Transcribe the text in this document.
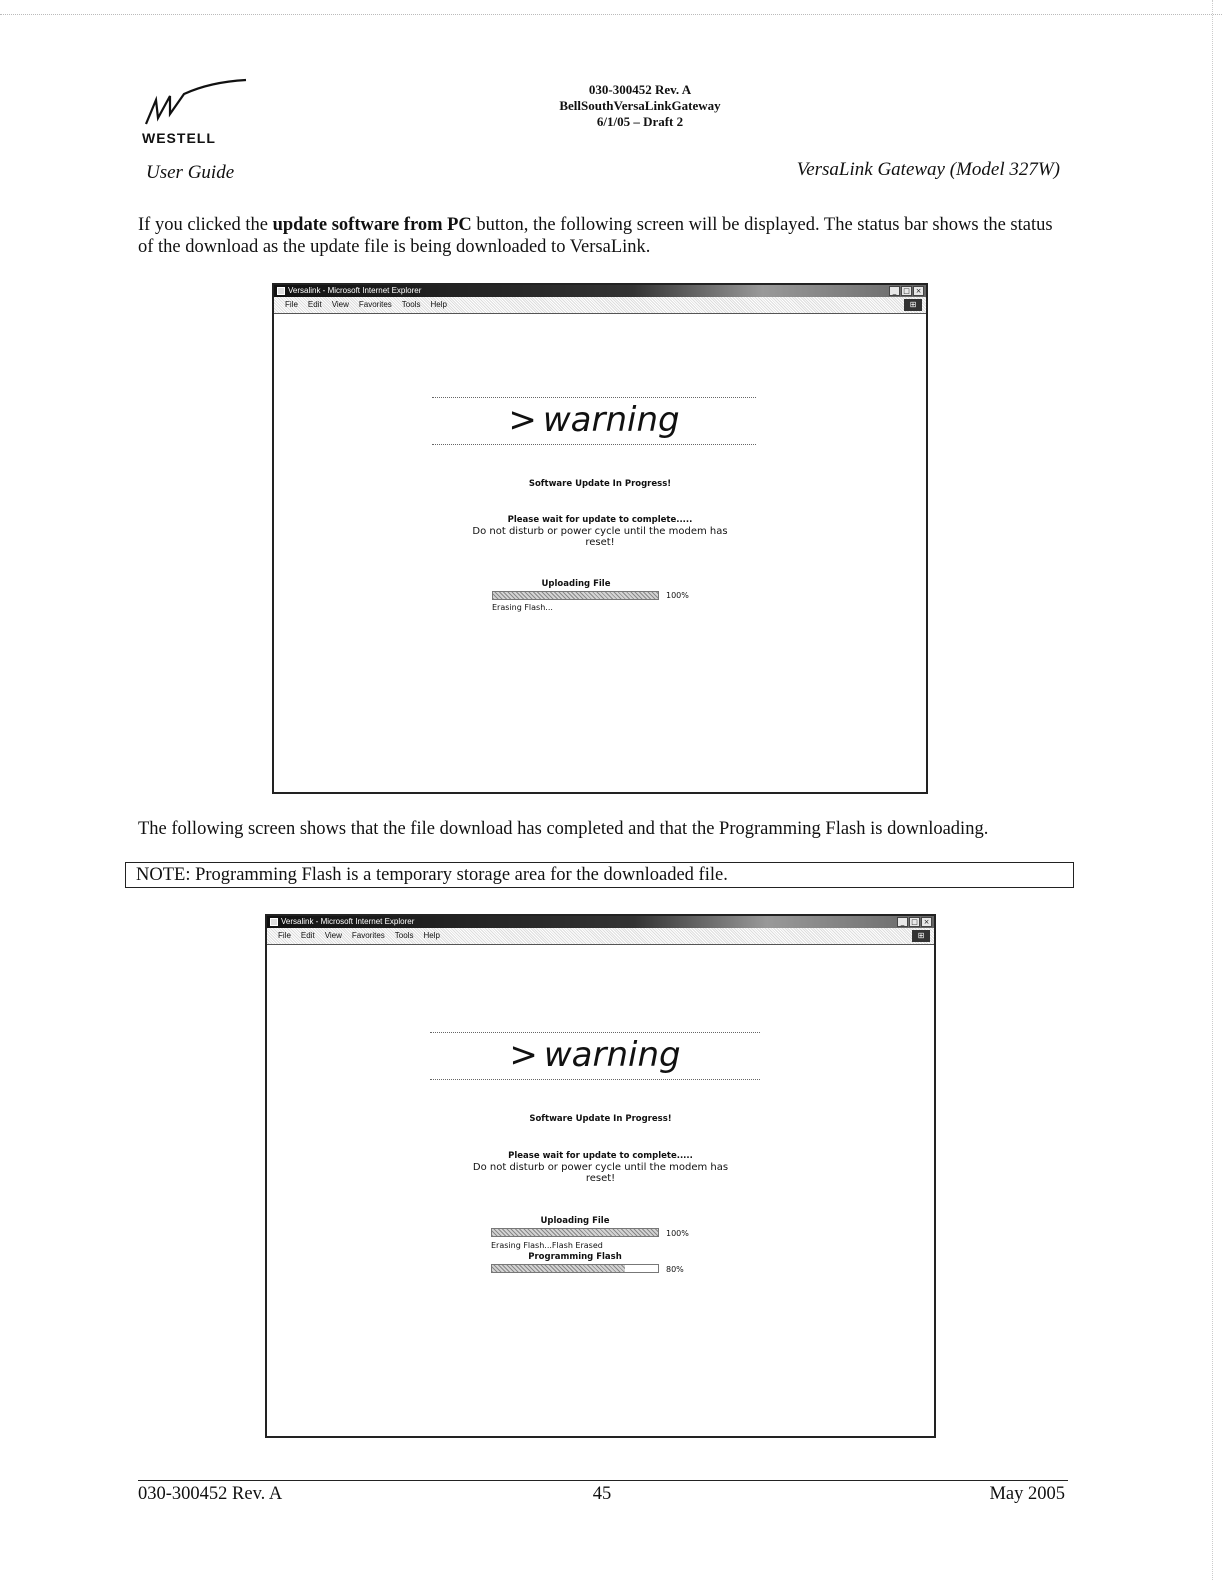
WESTELL
030-300452 Rev. A
BellSouthVersaLinkGateway
6/1/05 – Draft 2
User Guide	VersaLink Gateway (Model 327W)
If you clicked the update software from PC button, the following screen will be displayed. The status bar shows the status of the download as the update file is being downloaded to VersaLink.
Versalink - Microsoft Internet Explorer	_ □ ×
File Edit View Favorites Tools Help	⊞
> warning
Software Update In Progress!
Please wait for update to complete.....
Do not disturb or power cycle until the modem has
reset!
Uploading File
100%
Erasing Flash...
The following screen shows that the file download has completed and that the Programming Flash is downloading.
NOTE: Programming Flash is a temporary storage area for the downloaded file.
Versalink - Microsoft Internet Explorer	_ □ ×
File Edit View Favorites Tools Help	⊞
> warning
Software Update In Progress!
Please wait for update to complete.....
Do not disturb or power cycle until the modem has
reset!
Uploading File
100%
Erasing Flash...Flash Erased
Programming Flash
80%
030-300452 Rev. A	45	May 2005
